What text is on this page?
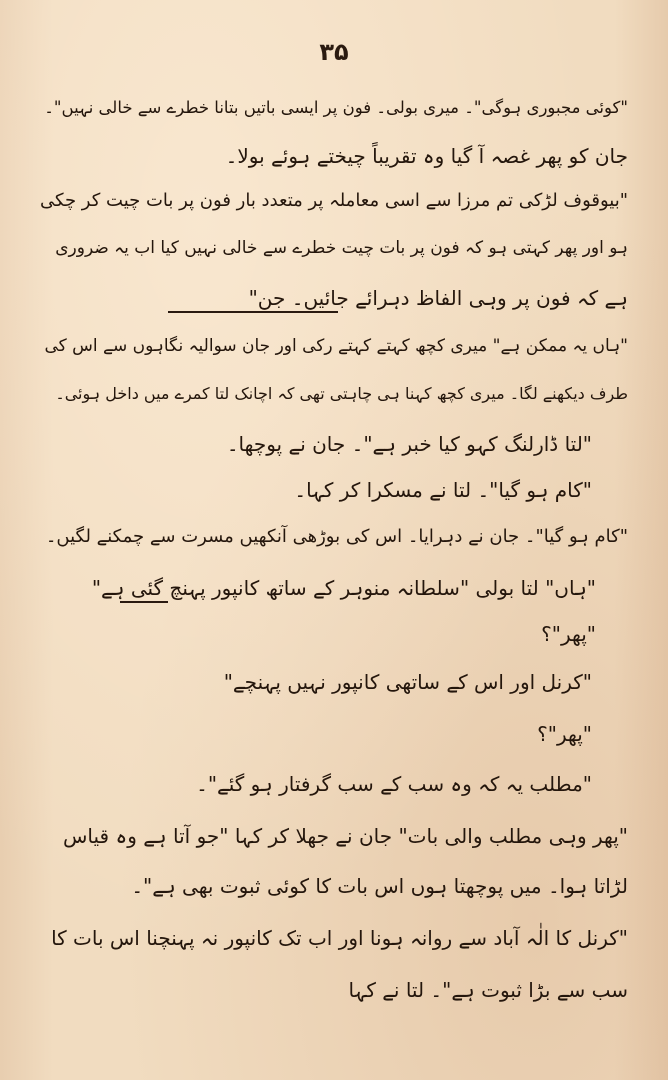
۳۵
"کوئی مجبوری ہوگی"۔ میری بولی۔ فون پر ایسی باتیں بتانا خطرے سے خالی نہیں"۔
جان کو پھر غصہ آ گیا وہ تقریباً چیختے ہوئے بولا۔
"بیوقوف لڑکی تم مرزا سے اسی معاملہ پر متعدد بار فون پر بات چیت کر چکی
ہو اور پھر کہتی ہو کہ فون پر بات چیت خطرے سے خالی نہیں کیا اب یہ ضروری
ہے کہ فون پر وہی الفاظ دہرائے جائیں۔ جن"
"ہاں یہ ممکن ہے" میری کچھ کہتے کہتے رکی اور جان سوالیہ نگاہوں سے اس کی
طرف دیکھنے لگا۔ میری کچھ کہنا ہی چاہتی تھی کہ اچانک لتا کمرے میں داخل ہوئی۔
"لتا ڈارلنگ کہو کیا خبر ہے"۔ جان نے پوچھا۔
"کام ہو گیا"۔ لتا نے مسکرا کر کہا۔
"کام ہو گیا"۔ جان نے دہرایا۔ اس کی بوڑھی آنکھیں مسرت سے چمکنے لگیں۔
"ہاں" لتا بولی "سلطانہ منوہر کے ساتھ کانپور پہنچ گئی ہے"
"پھر"؟
"کرنل اور اس کے ساتھی کانپور نہیں پہنچے"
"پھر"؟
"مطلب یہ کہ وہ سب کے سب گرفتار ہو گئے"۔
"پھر وہی مطلب والی بات" جان نے جھلا کر کہا "جو آتا ہے وہ قیاس
لڑاتا ہوا۔ میں پوچھتا ہوں اس بات کا کوئی ثبوت بھی ہے"۔
"کرنل کا الٰہ آباد سے روانہ ہونا اور اب تک کانپور نہ پہنچنا اس بات کا
سب سے بڑا ثبوت ہے"۔ لتا نے کہا
